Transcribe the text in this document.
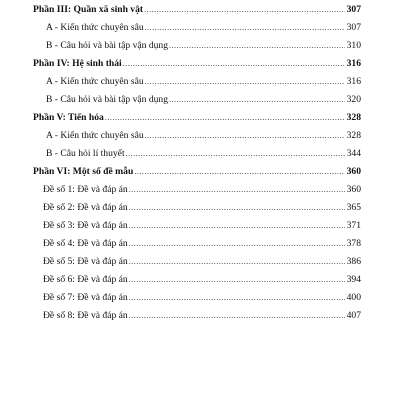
Phần III: Quần xã sinh vật .....	307
A - Kiến thức chuyên sâu .....	307
B - Câu hỏi và bài tập vận dụng .....	310
Phần IV: Hệ sinh thái .....	316
A - Kiến thức chuyên sâu .....	316
B - Câu hỏi và bài tập vận dụng .....	320
Phần V: Tiến hóa .....	328
A - Kiến thức chuyên sâu .....	328
B - Câu hỏi lí thuyết .....	344
Phần VI: Một số đề mẫu .....	360
Đề số 1: Đề và đáp án .....	360
Đề số 2: Đề và đáp án .....	365
Đề số 3: Đề và đáp án .....	371
Đề số 4: Đề và đáp án .....	378
Đề số 5: Đề và đáp án .....	386
Đề số 6: Đề và đáp án .....	394
Đề số 7: Đề và đáp án .....	400
Đề số 8: Đề và đáp án .....	407
